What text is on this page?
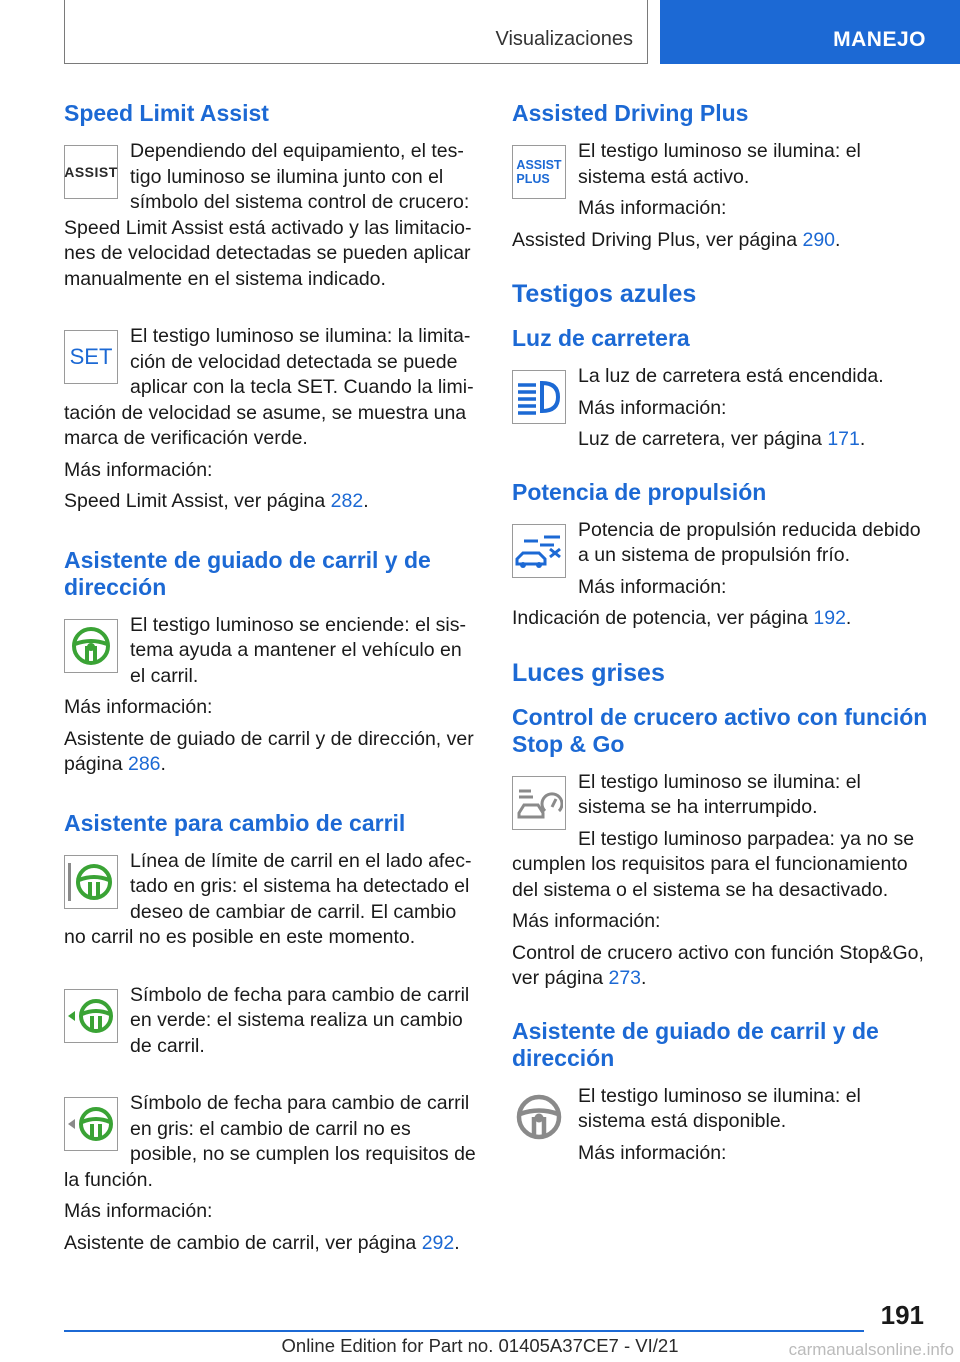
Visualizaciones	MANEJO
Speed Limit Assist
ASSIST

Dependiendo del equipamiento, el testigo luminoso se ilumina junto con el símbolo del sistema control de crucero: Speed Limit Assist está activado y las limitaciones de velocidad detectadas se pueden aplicar manualmente en el sistema indicado.

SET

El testigo luminoso se ilumina: la limitación de velocidad detectada se puede aplicar con la tecla SET. Cuando la limitación de velocidad se asume, se muestra una marca de verificación verde.

Más información:

Speed Limit Assist, ver página 282.

Asistente de guiado de carril y de dirección

El testigo luminoso se enciende: el sistema ayuda a mantener el vehículo en el carril.

Más información:

Asistente de guiado de carril y de dirección, ver página 286.

Asistente para cambio de carril

Línea de límite de carril en el lado afectado en gris: el sistema ha detectado el deseo de cambiar de carril. El cambio no carril no es posible en este momento.

Símbolo de fecha para cambio de carril en verde: el sistema realiza un cambio de carril.

Símbolo de fecha para cambio de carril en gris: el cambio de carril no es posible, no se cumplen los requisitos de la función.

Más información:

Asistente de cambio de carril, ver página 292.

Assisted Driving Plus
ASSIST
PLUS

El testigo luminoso se ilumina: el sistema está activo.

Más información:

Assisted Driving Plus, ver página 290.

Testigos azules
Luz de carretera

La luz de carretera está encendida.

Más información:

Luz de carretera, ver página 171.

Potencia de propulsión

Potencia de propulsión reducida debido a un sistema de propulsión frío.

Más información:

Indicación de potencia, ver página 192.

Luces grises
Control de crucero activo con función Stop & Go

El testigo luminoso se ilumina: el sistema se ha interrumpido.

El testigo luminoso parpadea: ya no se cumplen los requisitos para el funcionamiento del sistema o el sistema se ha desactivado.

Más información:

Control de crucero activo con función Stop&Go, ver página 273.

Asistente de guiado de carril y de dirección

El testigo luminoso se ilumina: el sistema está disponible.

Más información:

191
Online Edition for Part no. 01405A37CE7 - VI/21	carmanualsonline.info
